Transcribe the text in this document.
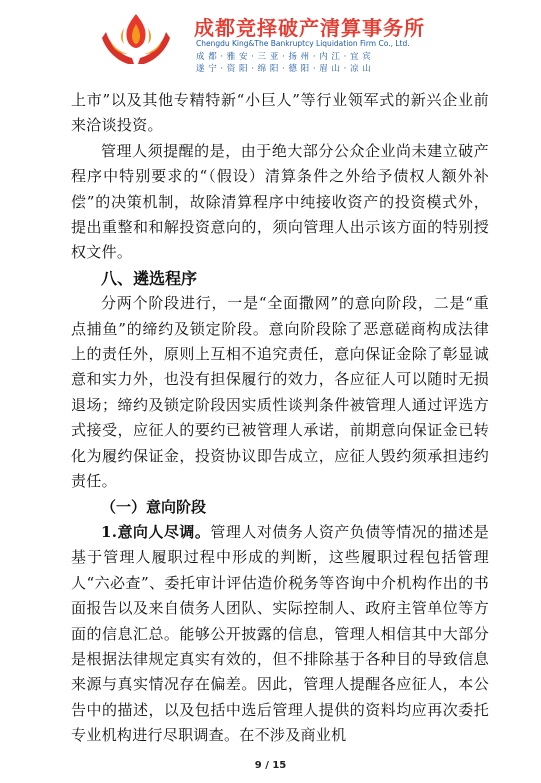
成都竞择破产清算事务所
Chengdu King&The Bankruptcy Liquidation Firm Co., Ltd.
成 都 · 雅 安 · 三 亚 · 扬 州 · 内 江 · 宜 宾
遂 宁 · 资 阳 · 绵 阳 · 德 阳 · 眉 山 · 凉 山

上市”以及其他专精特新“小巨人”等行业领军式的新兴企业前来洽谈投资。

管理人须提醒的是，由于绝大部分公众企业尚未建立破产程序中特别要求的“（假设）清算条件之外给予债权人额外补偿”的决策机制，故除清算程序中纯接收资产的投资模式外，提出重整和和解投资意向的，须向管理人出示该方面的特别授权文件。

八、遴选程序

分两个阶段进行，一是“全面撒网”的意向阶段，二是“重点捕鱼”的缔约及锁定阶段。意向阶段除了恶意磋商构成法律上的责任外，原则上互相不追究责任，意向保证金除了彰显诚意和实力外，也没有担保履行的效力，各应征人可以随时无损退场；缔约及锁定阶段因实质性谈判条件被管理人通过评选方式接受，应征人的要约已被管理人承诺，前期意向保证金已转化为履约保证金，投资协议即告成立，应征人毁约须承担违约责任。

（一）意向阶段

1.意向人尽调。管理人对债务人资产负债等情况的描述是基于管理人履职过程中形成的判断，这些履职过程包括管理人“六必查”、委托审计评估造价税务等咨询中介机构作出的书面报告以及来自债务人团队、实际控制人、政府主管单位等方面的信息汇总。能够公开披露的信息，管理人相信其中大部分是根据法律规定真实有效的，但不排除基于各种目的导致信息来源与真实情况存在偏差。因此，管理人提醒各应征人，本公告中的描述，以及包括中选后管理人提供的资料均应再次委托专业机构进行尽职调查。在不涉及商业机

9 / 15
